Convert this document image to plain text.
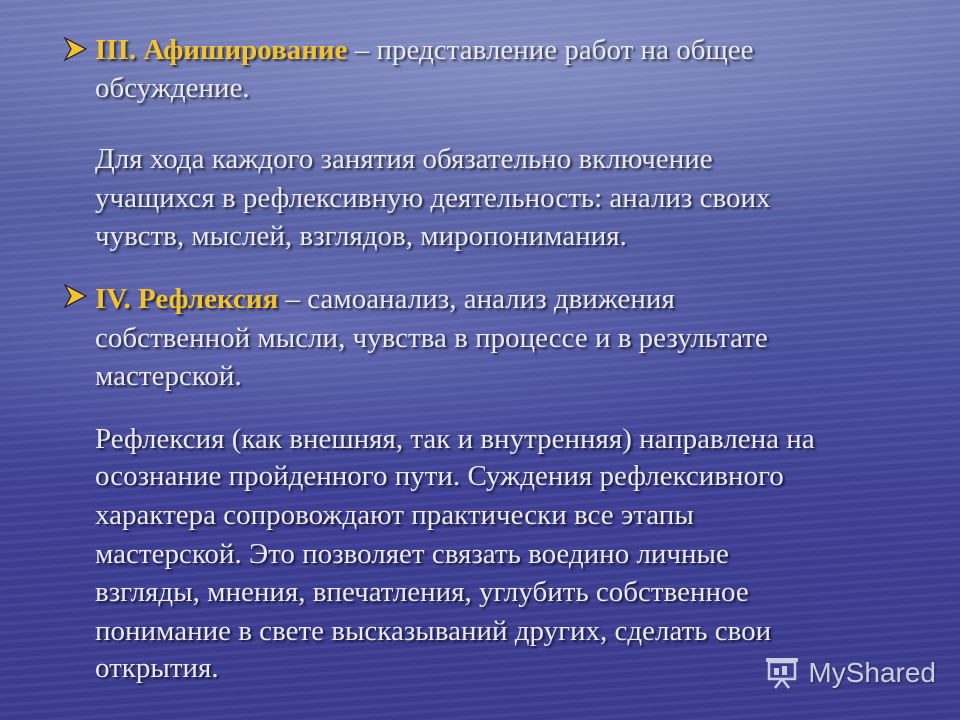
III. Афиширование – представление работ на общее
обсуждение.
Для хода каждого занятия обязательно включение
учащихся в рефлексивную деятельность: анализ своих
чувств, мыслей, взглядов, миропонимания.
IV. Рефлексия – самоанализ, анализ движения
собственной мысли, чувства в процессе и в результате
мастерской.
Рефлексия (как внешняя, так и внутренняя) направлена на
осознание пройденного пути. Суждения рефлексивного
характера сопровождают практически все этапы
мастерской. Это позволяет связать воедино личные
взгляды, мнения, впечатления, углубить собственное
понимание в свете высказываний других, сделать свои
открытия.	MyShared
